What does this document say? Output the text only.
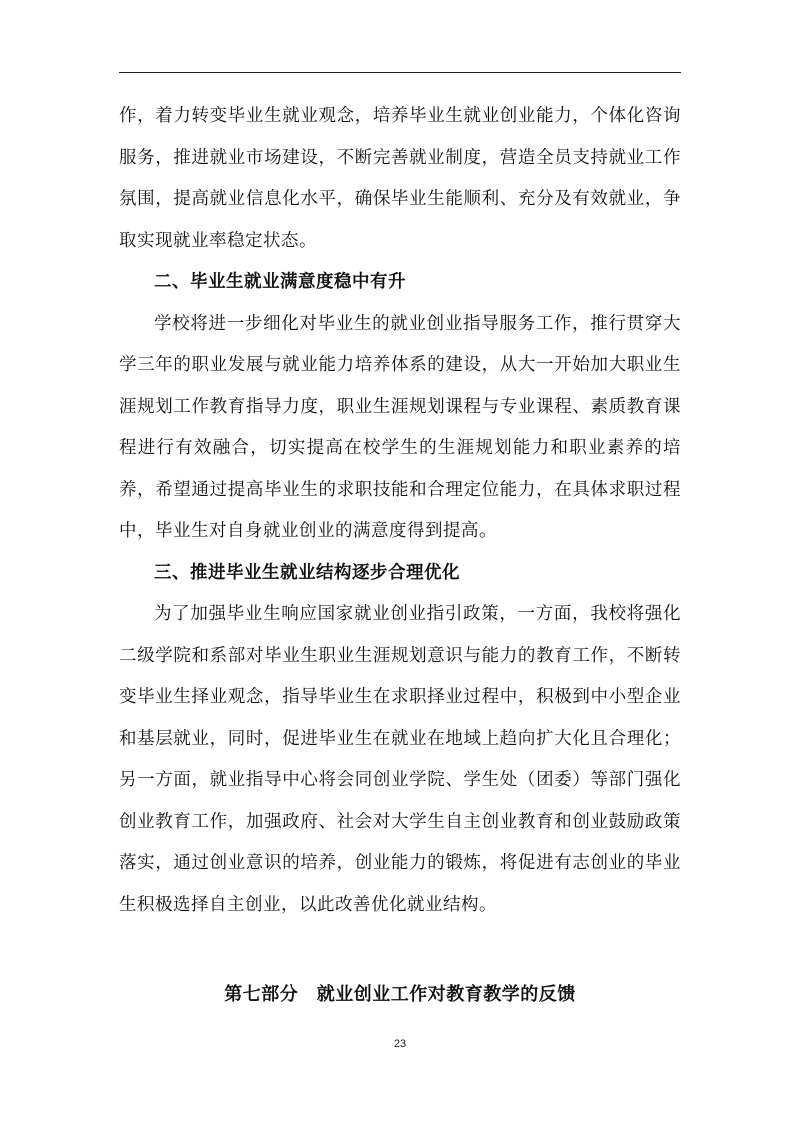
作，着力转变毕业生就业观念，培养毕业生就业创业能力，个体化咨询服务，推进就业市场建设，不断完善就业制度，营造全员支持就业工作氛围，提高就业信息化水平，确保毕业生能顺利、充分及有效就业，争取实现就业率稳定状态。

二、毕业生就业满意度稳中有升

学校将进一步细化对毕业生的就业创业指导服务工作，推行贯穿大学三年的职业发展与就业能力培养体系的建设，从大一开始加大职业生涯规划工作教育指导力度，职业生涯规划课程与专业课程、素质教育课程进行有效融合，切实提高在校学生的生涯规划能力和职业素养的培养，希望通过提高毕业生的求职技能和合理定位能力，在具体求职过程中，毕业生对自身就业创业的满意度得到提高。

三、推进毕业生就业结构逐步合理优化

为了加强毕业生响应国家就业创业指引政策，一方面，我校将强化二级学院和系部对毕业生职业生涯规划意识与能力的教育工作，不断转变毕业生择业观念，指导毕业生在求职择业过程中，积极到中小型企业和基层就业，同时，促进毕业生在就业在地域上趋向扩大化且合理化；另一方面，就业指导中心将会同创业学院、学生处（团委）等部门强化创业教育工作，加强政府、社会对大学生自主创业教育和创业鼓励政策落实，通过创业意识的培养，创业能力的锻炼，将促进有志创业的毕业生积极选择自主创业，以此改善优化就业结构。

第七部分　就业创业工作对教育教学的反馈
23
